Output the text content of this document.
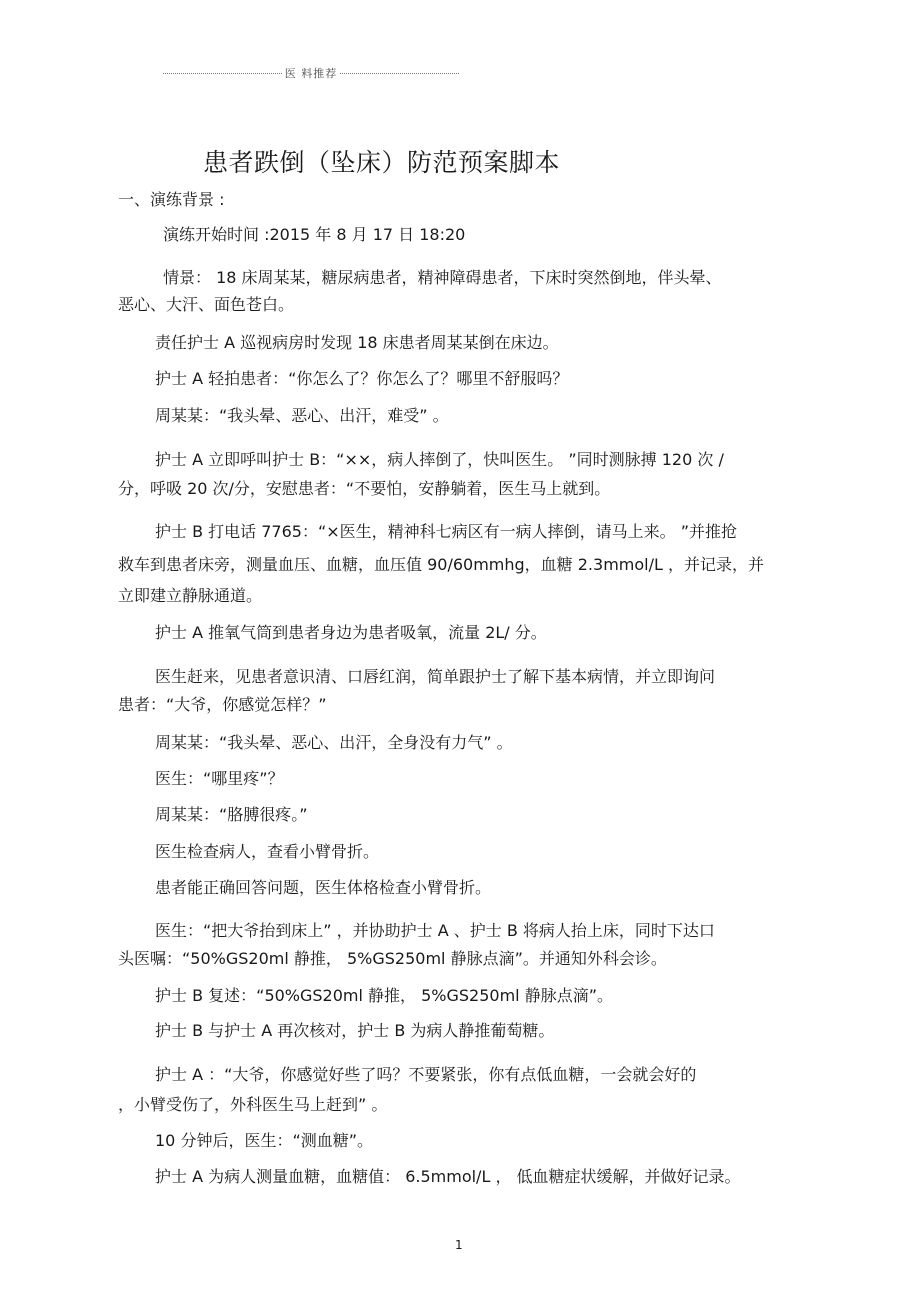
医 料推荐
患者跌倒（坠床）防范预案脚本

一、演练背景 :

演练开始时间 :2015 年 8 月 17 日 18:20

情景： 18 床周某某，糖尿病患者，精神障碍患者，下床时突然倒地，伴头晕、

恶心、大汗、面色苍白。

责任护士 A 巡视病房时发现 18 床患者周某某倒在床边。

护士 A 轻拍患者：“你怎么了？你怎么了？哪里不舒服吗？

周某某：“我头晕、恶心、出汗，难受” 。

护士 A 立即呼叫护士 B：“××，病人摔倒了，快叫医生。 ”同时测脉搏 120 次 /

分，呼吸 20 次/分，安慰患者：“不要怕，安静躺着，医生马上就到。

护士 B 打电话 7765：“×医生，精神科七病区有一病人摔倒，请马上来。 ”并推抢

救车到患者床旁，测量血压、血糖，血压值 90/60mmhg，血糖 2.3mmol/L ，并记录，并

立即建立静脉通道。

护士 A 推氧气筒到患者身边为患者吸氧，流量 2L/ 分。

医生赶来，见患者意识清、口唇红润，简单跟护士了解下基本病情，并立即询问

患者：“大爷，你感觉怎样？”

周某某：“我头晕、恶心、出汗，全身没有力气” 。

医生：“哪里疼”？

周某某：“胳膊很疼。”

医生检查病人，查看小臂骨折。

患者能正确回答问题，医生体格检查小臂骨折。

医生：“把大爷抬到床上” ，并协助护士 A 、护士 B 将病人抬上床，同时下达口

头医嘱：“50%GS20ml 静推， 5%GS250ml 静脉点滴”。并通知外科会诊。

护士 B 复述：“50%GS20ml 静推， 5%GS250ml 静脉点滴”。

护士 B 与护士 A 再次核对，护士 B 为病人静推葡萄糖。

护士 A ：“大爷，你感觉好些了吗？不要紧张，你有点低血糖，一会就会好的

，小臂受伤了，外科医生马上赶到” 。

10 分钟后，医生：“测血糖”。

护士 A 为病人测量血糖，血糖值： 6.5mmol/L ， 低血糖症状缓解，并做好记录。

1
